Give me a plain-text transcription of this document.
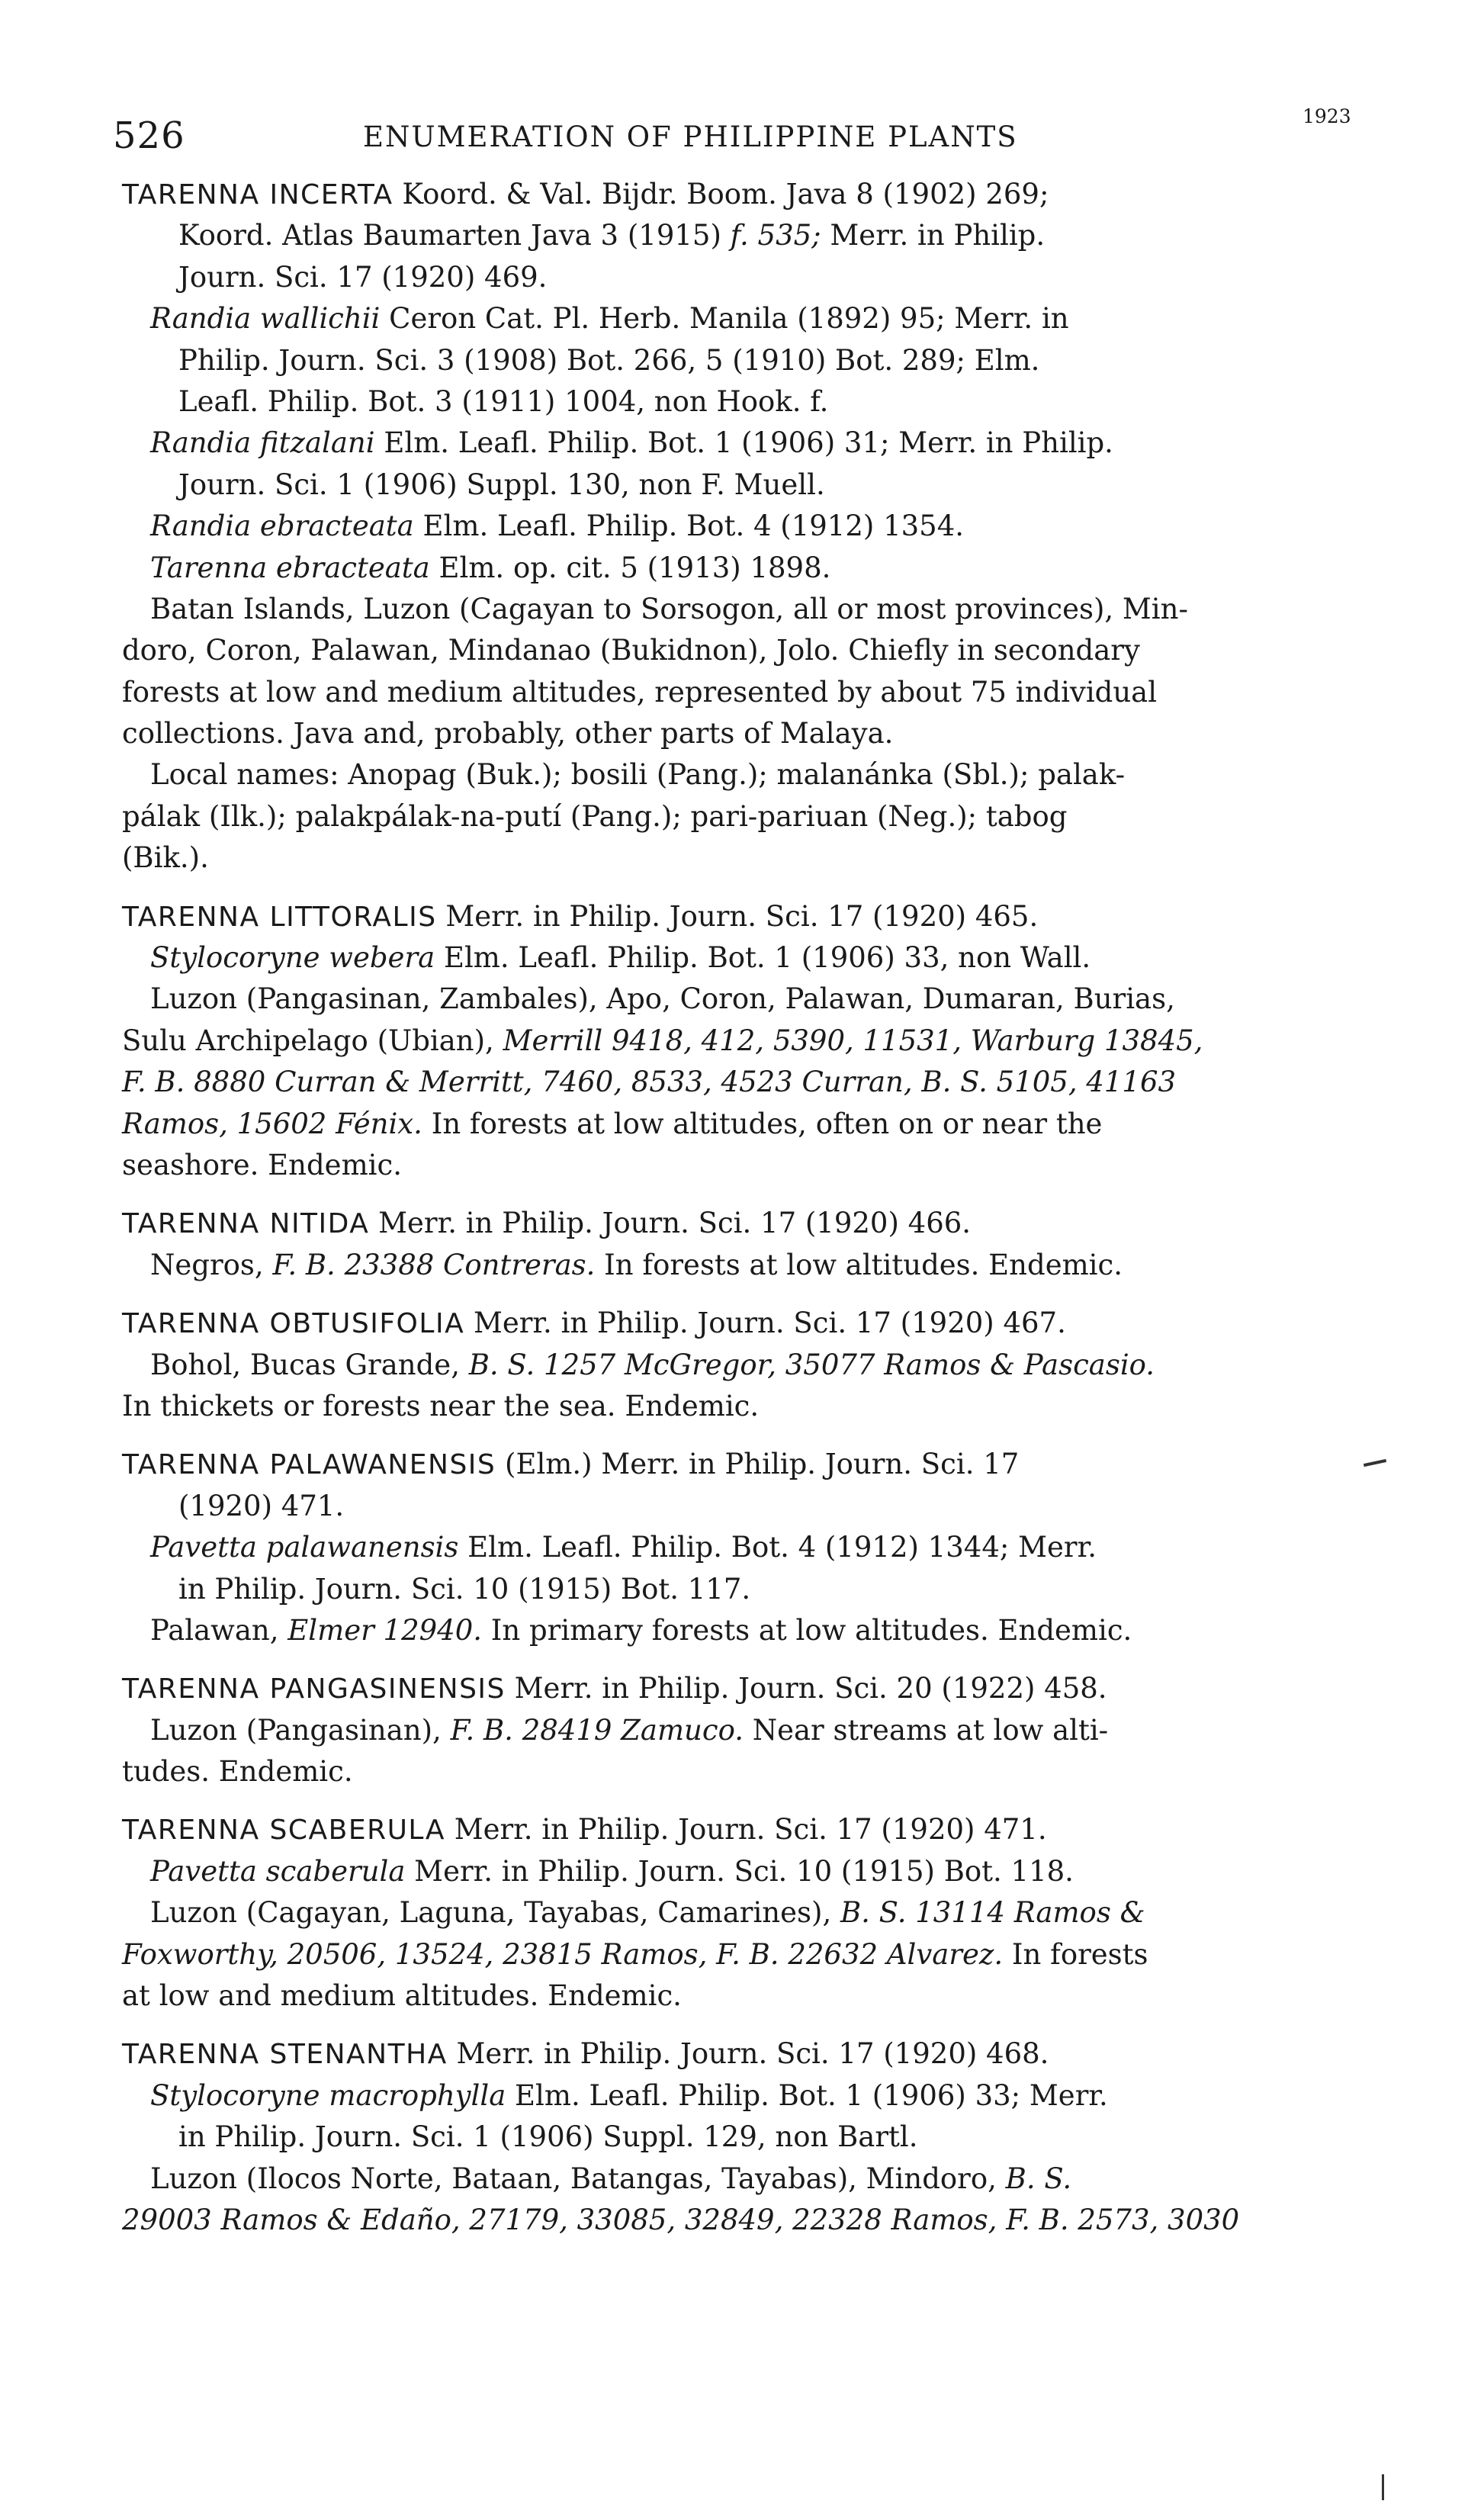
526	ENUMERATION OF PHILIPPINE PLANTS
1923
TARENNA INCERTA Koord. & Val. Bijdr. Boom. Java 8 (1902) 269;
  Koord. Atlas Baumarten Java 3 (1915) f. 535; Merr. in Philip.
  Journ. Sci. 17 (1920) 469.
 Randia wallichii Ceron Cat. Pl. Herb. Manila (1892) 95; Merr. in
  Philip. Journ. Sci. 3 (1908) Bot. 266, 5 (1910) Bot. 289; Elm.
  Leafl. Philip. Bot. 3 (1911) 1004, non Hook. f.
 Randia fitzalani Elm. Leafl. Philip. Bot. 1 (1906) 31; Merr. in Philip.
  Journ. Sci. 1 (1906) Suppl. 130, non F. Muell.
 Randia ebracteata Elm. Leafl. Philip. Bot. 4 (1912) 1354.
 Tarenna ebracteata Elm. op. cit. 5 (1913) 1898.
 Batan Islands, Luzon (Cagayan to Sorsogon, all or most provinces), Min-
doro, Coron, Palawan, Mindanao (Bukidnon), Jolo. Chiefly in secondary
forests at low and medium altitudes, represented by about 75 individual
collections. Java and, probably, other parts of Malaya.
 Local names: Anopag (Buk.); bosili (Pang.); malanánka (Sbl.); palak-
pálak (Ilk.); palakpálak-na-putí (Pang.); pari-pariuan (Neg.); tabog
(Bik.).
TARENNA LITTORALIS Merr. in Philip. Journ. Sci. 17 (1920) 465.
 Stylocoryne webera Elm. Leafl. Philip. Bot. 1 (1906) 33, non Wall.
 Luzon (Pangasinan, Zambales), Apo, Coron, Palawan, Dumaran, Burias,
Sulu Archipelago (Ubian), Merrill 9418, 412, 5390, 11531, Warburg 13845,
F. B. 8880 Curran & Merritt, 7460, 8533, 4523 Curran, B. S. 5105, 41163
Ramos, 15602 Fénix. In forests at low altitudes, often on or near the
seashore. Endemic.
TARENNA NITIDA Merr. in Philip. Journ. Sci. 17 (1920) 466.
 Negros, F. B. 23388 Contreras. In forests at low altitudes. Endemic.
TARENNA OBTUSIFOLIA Merr. in Philip. Journ. Sci. 17 (1920) 467.
 Bohol, Bucas Grande, B. S. 1257 McGregor, 35077 Ramos & Pascasio.
In thickets or forests near the sea. Endemic.
TARENNA PALAWANENSIS (Elm.) Merr. in Philip. Journ. Sci. 17
  (1920) 471.
 Pavetta palawanensis Elm. Leafl. Philip. Bot. 4 (1912) 1344; Merr.
  in Philip. Journ. Sci. 10 (1915) Bot. 117.
 Palawan, Elmer 12940. In primary forests at low altitudes. Endemic.
TARENNA PANGASINENSIS Merr. in Philip. Journ. Sci. 20 (1922) 458.
 Luzon (Pangasinan), F. B. 28419 Zamuco. Near streams at low alti-
tudes. Endemic.
TARENNA SCABERULA Merr. in Philip. Journ. Sci. 17 (1920) 471.
 Pavetta scaberula Merr. in Philip. Journ. Sci. 10 (1915) Bot. 118.
 Luzon (Cagayan, Laguna, Tayabas, Camarines), B. S. 13114 Ramos &
Foxworthy, 20506, 13524, 23815 Ramos, F. B. 22632 Alvarez. In forests
at low and medium altitudes. Endemic.
TARENNA STENANTHA Merr. in Philip. Journ. Sci. 17 (1920) 468.
 Stylocoryne macrophylla Elm. Leafl. Philip. Bot. 1 (1906) 33; Merr.
  in Philip. Journ. Sci. 1 (1906) Suppl. 129, non Bartl.
 Luzon (Ilocos Norte, Bataan, Batangas, Tayabas), Mindoro, B. S.
29003 Ramos & Edaño, 27179, 33085, 32849, 22328 Ramos, F. B. 2573, 3030
